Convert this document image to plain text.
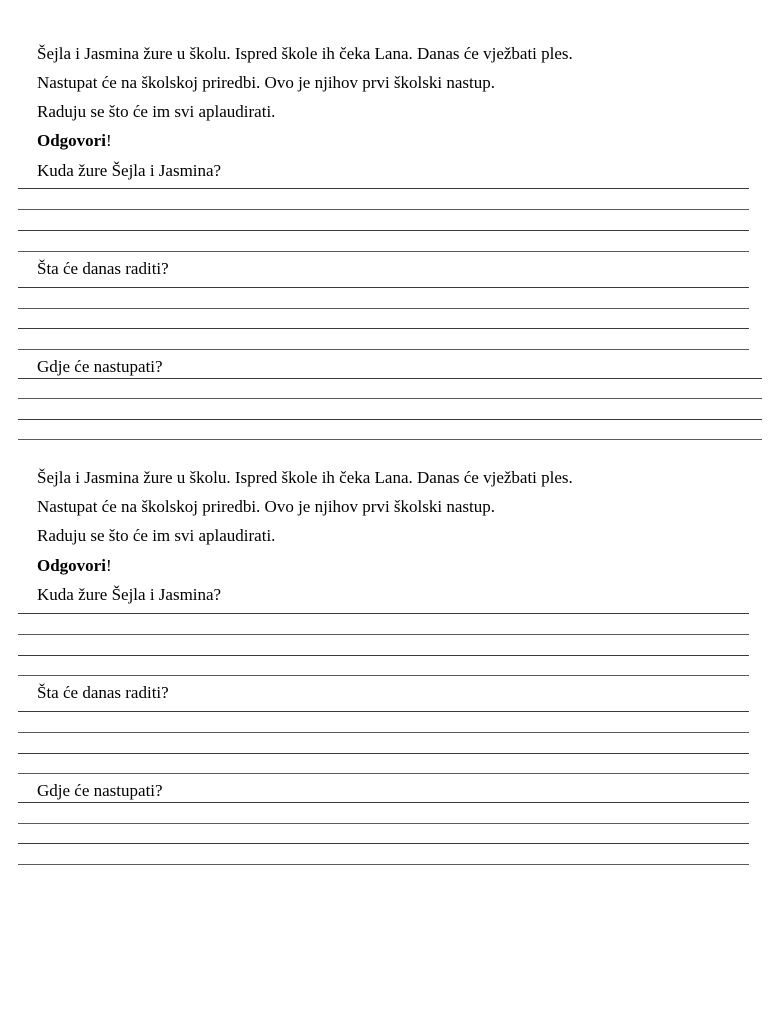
Šejla i Jasmina žure u školu. Ispred škole ih čeka Lana. Danas će vježbati ples.

Nastupat će na školskoj priredbi. Ovo je njihov prvi školski nastup.

Raduju se što će im svi aplaudirati.

Odgovori!

Kuda žure Šejla i Jasmina?

Šta će danas raditi?

Gdje će nastupati?

Šejla i Jasmina žure u školu. Ispred škole ih čeka Lana. Danas će vježbati ples.

Nastupat će na školskoj priredbi. Ovo je njihov prvi školski nastup.

Raduju se što će im svi aplaudirati.

Odgovori!

Kuda žure Šejla i Jasmina?

Šta će danas raditi?

Gdje će nastupati?
